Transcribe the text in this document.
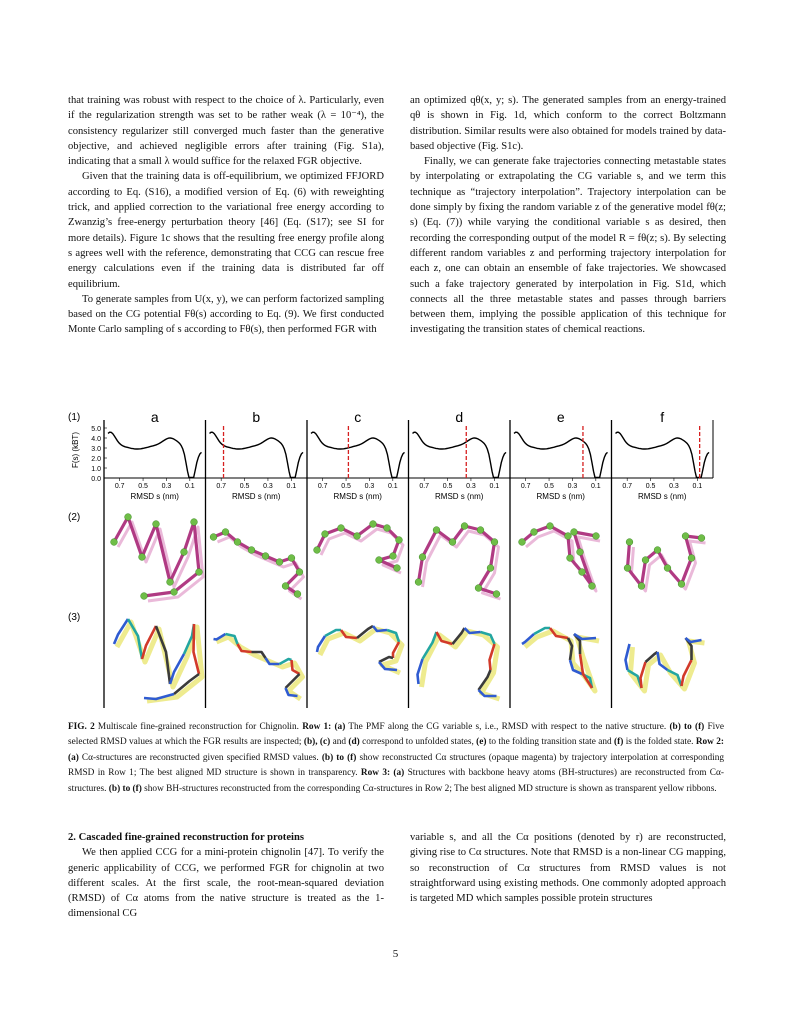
that training was robust with respect to the choice of λ. Particularly, even if the regularization strength was set to be rather weak (λ = 10⁻⁴), the consistency regularizer still converged much faster than the generative objective, and achieved negligible errors after training (Fig. S1a), indicating that a small λ would suffice for the relaxed FGR objective.

Given that the training data is off-equilibrium, we optimized FFJORD according to Eq. (S16), a modified version of Eq. (6) with reweighting trick, and applied correction to the variational free energy according to Zwanzig’s free-energy perturbation theory [46] (Eq. (S17); see SI for more details). Figure 1c shows that the resulting free energy profile along s agrees well with the reference, demonstrating that CCG can rescue free energy calculations even if the training data is distributed far off equilibrium.

To generate samples from U(x, y), we can perform factorized sampling based on the CG potential Fθ(s) according to Eq. (9). We first conducted Monte Carlo sampling of s according to Fθ(s), then performed FGR with

an optimized qθ(x, y; s). The generated samples from an energy-trained qθ is shown in Fig. 1d, which conform to the correct Boltzmann distribution. Similar results were also obtained for models trained by data-based objective (Fig. S1c).

Finally, we can generate fake trajectories connecting metastable states by interpolating or extrapolating the CG variable s, and we term this technique as “trajectory interpolation”. Trajectory interpolation can be done simply by fixing the random variable z of the generative model fθ(z; s) (Eq. (7)) while varying the conditional variable s as desired, then recording the corresponding output of the model R = fθ(z; s). By selecting different random variables z and performing trajectory interpolation for each z, one can obtain an ensemble of fake trajectories. We showcased such a fake trajectory generated by interpolation in Fig. S1d, which connects all the three metastable states and passes through barriers between them, implying the possible application of this technique for investigating the transition states of chemical reactions.

(1)
(2)
(3)
F(s) (kBT)
5.0
4.0
3.0
2.0
1.0
0.0
a
0.7 0.5 0.3 0.1
RMSD s (nm)
b
0.7 0.5 0.3 0.1
RMSD s (nm)
c
0.7 0.5 0.3 0.1
RMSD s (nm)
d
0.7 0.5 0.3 0.1
RMSD s (nm)
e
0.7 0.5 0.3 0.1
RMSD s (nm)
f
0.7 0.5 0.3 0.1
RMSD s (nm)
FIG. 2 Multiscale fine-grained reconstruction for Chignolin. Row 1: (a) The PMF along the CG variable s, i.e., RMSD with respect to the native structure. (b) to (f) Five selected RMSD values at which the FGR results are inspected; (b), (c) and (d) correspond to unfolded states, (e) to the folding transition state and (f) is the folded state. Row 2: (a) Cα-structures are reconstructed given specified RMSD values. (b) to (f) show reconstructed Cα structures (opaque magenta) by trajectory interpolation at corresponding RMSD in Row 1; The best aligned MD structure is shown in transparency. Row 3: (a) Structures with backbone heavy atoms (BH-structures) are reconstructed from Cα-structures. (b) to (f) show BH-structures reconstructed from the corresponding Cα-structures in Row 2; The best aligned MD structure is shown as transparent yellow ribbons.
2. Cascaded fine-grained reconstruction for proteins

We then applied CCG for a mini-protein chignolin [47]. To verify the generic applicability of CCG, we performed FGR for chignolin at two different scales. At the first scale, the root-mean-squared deviation (RMSD) of Cα atoms from the native structure is treated as the 1-dimensional CG

variable s, and all the Cα positions (denoted by r) are reconstructed, giving rise to Cα structures. Note that RMSD is a non-linear CG mapping, so reconstruction of Cα structures from RMSD values is not straightforward using existing methods. One commonly adopted approach is targeted MD which samples possible protein structures

5
